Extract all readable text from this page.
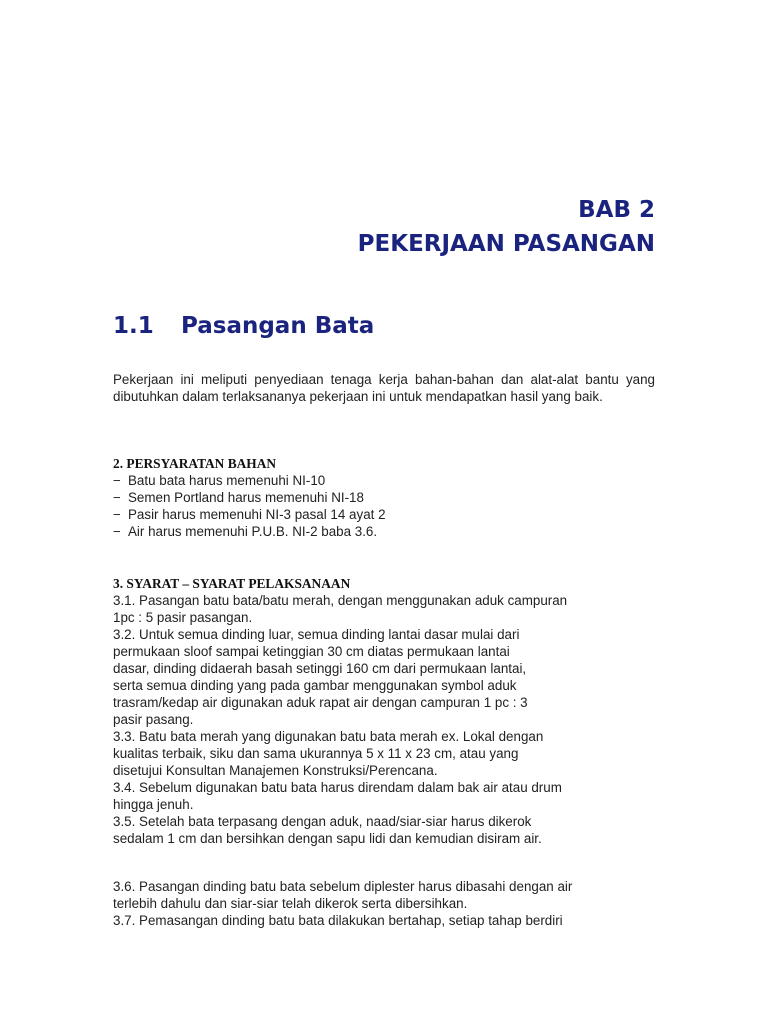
BAB 2
PEKERJAAN PASANGAN
1.1 Pasangan Bata
Pekerjaan ini meliputi penyediaan tenaga kerja bahan-bahan dan alat-alat bantu yang dibutuhkan dalam terlaksananya pekerjaan ini untuk mendapatkan hasil yang baik.
2. PERSYARATAN BAHAN
− Batu bata harus memenuhi NI-10
− Semen Portland harus memenuhi NI-18
− Pasir harus memenuhi NI-3 pasal 14 ayat 2
− Air harus memenuhi P.U.B. NI-2 baba 3.6.
3. SYARAT – SYARAT PELAKSANAAN
3.1. Pasangan batu bata/batu merah, dengan menggunakan aduk campuran
1pc : 5 pasir pasangan.
3.2. Untuk semua dinding luar, semua dinding lantai dasar mulai dari
permukaan sloof sampai ketinggian 30 cm diatas permukaan lantai
dasar, dinding didaerah basah setinggi 160 cm dari permukaan lantai,
serta semua dinding yang pada gambar menggunakan symbol aduk
trasram/kedap air digunakan aduk rapat air dengan campuran 1 pc : 3
pasir pasang.
3.3. Batu bata merah yang digunakan batu bata merah ex. Lokal dengan
kualitas terbaik, siku dan sama ukurannya 5 x 11 x 23 cm, atau yang
disetujui Konsultan Manajemen Konstruksi/Perencana.
3.4. Sebelum digunakan batu bata harus direndam dalam bak air atau drum
hingga jenuh.
3.5. Setelah bata terpasang dengan aduk, naad/siar-siar harus dikerok
sedalam 1 cm dan bersihkan dengan sapu lidi dan kemudian disiram air.
3.6. Pasangan dinding batu bata sebelum diplester harus dibasahi dengan air
terlebih dahulu dan siar-siar telah dikerok serta dibersihkan.
3.7. Pemasangan dinding batu bata dilakukan bertahap, setiap tahap berdiri
